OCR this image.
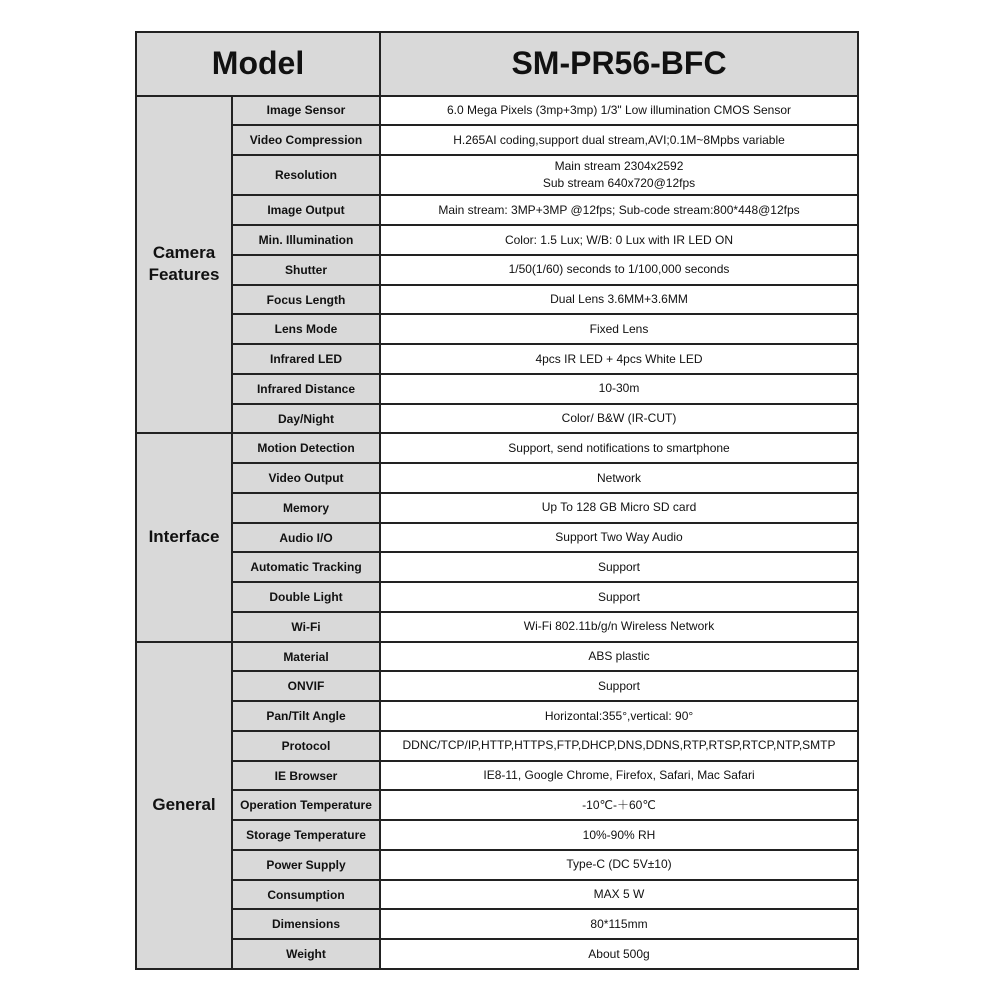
Model		SM-PR56-BFC
Camera Features	Image Sensor	6.0 Mega Pixels (3mp+3mp) 1/3" Low illumination CMOS Sensor

	Video Compression	H.265AI coding,support dual stream,AVI;0.1M~8Mpbs variable

	Resolution	Main stream 2304x2592
Sub stream 640x720@12fps

	Image Output	Main stream: 3MP+3MP @12fps; Sub-code stream:800*448@12fps

	Min. Illumination	Color: 1.5 Lux; W/B: 0 Lux with IR LED ON

	Shutter	1/50(1/60) seconds to 1/100,000 seconds

	Focus Length	Dual Lens 3.6MM+3.6MM

	Lens Mode	Fixed Lens

	Infrared LED	4pcs IR LED + 4pcs White LED

	Infrared Distance	10-30m

	Day/Night	Color/ B&W (IR-CUT)

Interface	Motion Detection	Support, send notifications to smartphone

	Video Output	Network

	Memory	Up To 128 GB Micro SD card

	Audio I/O	Support Two Way Audio

	Automatic Tracking	Support

	Double Light	Support

	Wi-Fi	Wi-Fi 802.11b/g/n Wireless Network

General	Material	ABS plastic

	ONVIF	Support

	Pan/Tilt Angle	Horizontal:355°,vertical: 90°

	Protocol	DDNC/TCP/IP,HTTP,HTTPS,FTP,DHCP,DNS,DDNS,RTP,RTSP,RTCP,NTP,SMTP

	IE Browser	IE8-11, Google Chrome, Firefox, Safari, Mac Safari

	Operation Temperature	-10℃-＋60℃

	Storage Temperature	10%-90% RH

	Power Supply	Type-C (DC 5V±10)

	Consumption	MAX 5 W

	Dimensions	80*115mm

	Weight	About 500g
